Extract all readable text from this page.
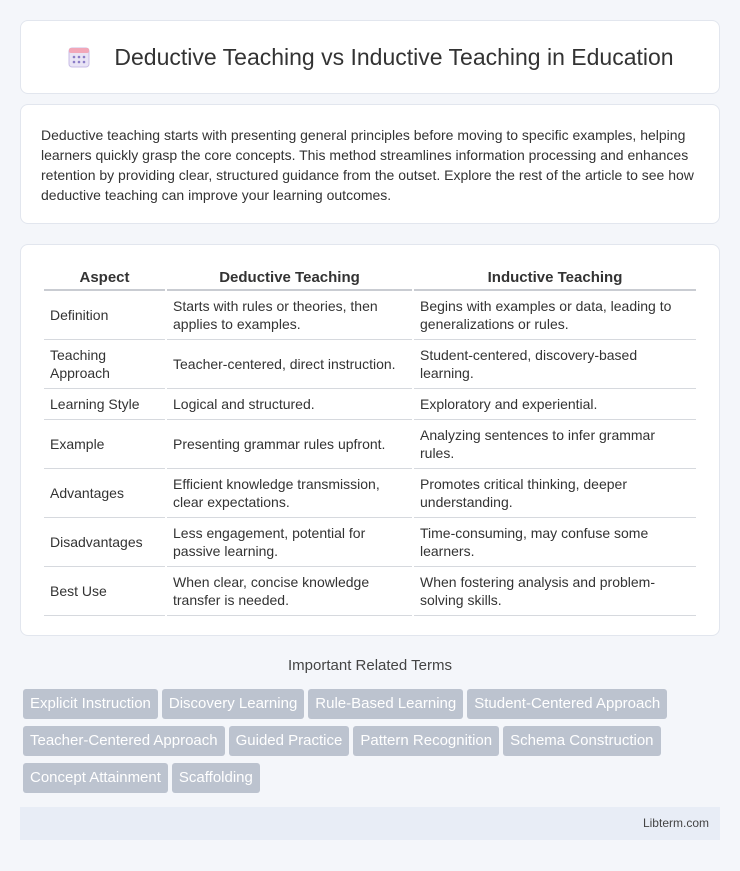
Deductive Teaching vs Inductive Teaching in Education

Deductive teaching starts with presenting general principles before moving to specific examples, helping learners quickly grasp the core concepts. This method streamlines information processing and enhances retention by providing clear, structured guidance from the outset. Explore the rest of the article to see how deductive teaching can improve your learning outcomes.

Aspect	Deductive Teaching	Inductive Teaching
Definition	Starts with rules or theories, then applies to examples.	Begins with examples or data, leading to generalizations or rules.
Teaching Approach	Teacher-centered, direct instruction.	Student-centered, discovery-based learning.
Learning Style	Logical and structured.	Exploratory and experiential.
Example	Presenting grammar rules upfront.	Analyzing sentences to infer grammar rules.
Advantages	Efficient knowledge transmission, clear expectations.	Promotes critical thinking, deeper understanding.
Disadvantages	Less engagement, potential for passive learning.	Time-consuming, may confuse some learners.
Best Use	When clear, concise knowledge transfer is needed.	When fostering analysis and problem-solving skills.
Important Related Terms
Explicit Instruction Discovery Learning Rule-Based Learning Student-Centered ApproachTeacher-Centered Approach Guided Practice Pattern Recognition Schema ConstructionConcept Attainment Scaffolding
Libterm.com
